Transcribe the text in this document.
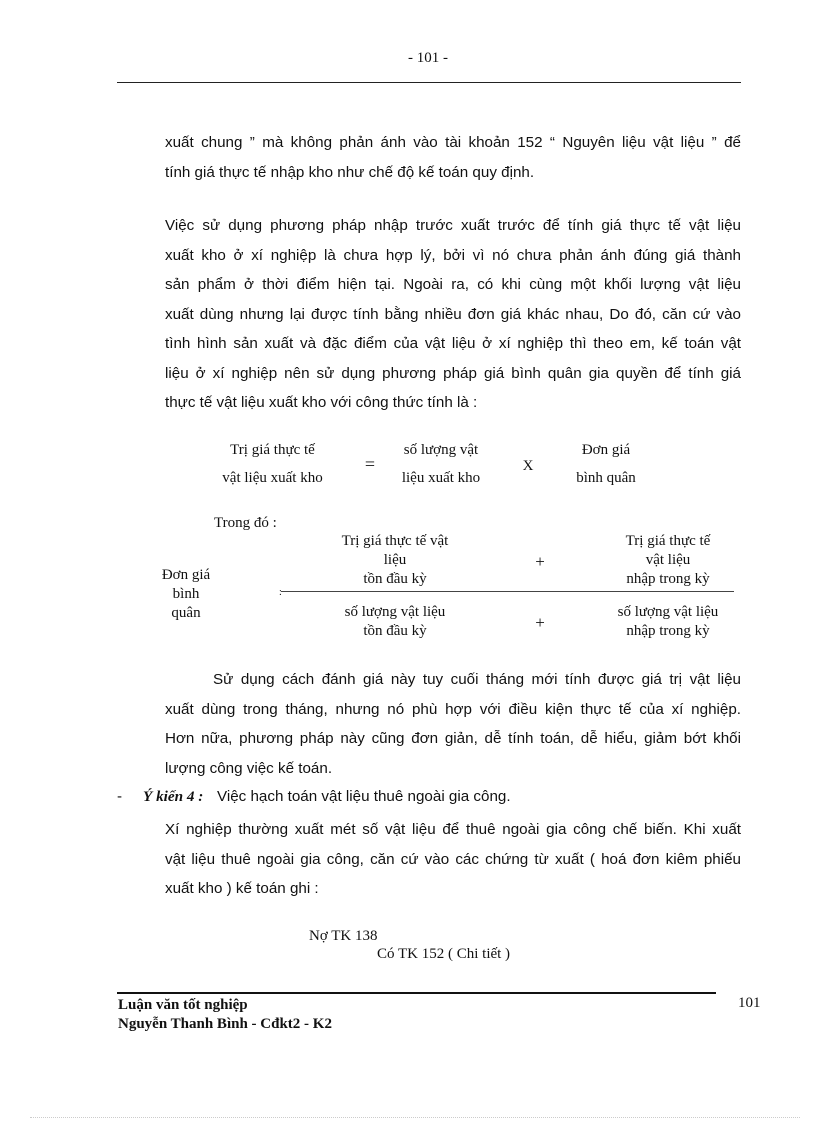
- 101 -
xuất chung ” mà không phản ánh vào tài khoản 152 “ Nguyên liệu vật liệu ” để
tính giá thực tế nhập kho như chế độ kế toán quy định.
Việc sử dụng phương pháp nhập trước xuất trước để tính giá thực tế vật liệu
xuất kho ở xí nghiệp là chưa hợp lý, bởi vì nó chưa phản ánh đúng giá thành
sản phẩm ở thời điểm hiện tại. Ngoài ra, có khi cùng một khối lượng vật liệu
xuất dùng nhưng lại được tính bằng nhiều đơn giá khác nhau, Do đó, căn cứ vào
tình hình sản xuất và đặc điểm của vật liệu ở xí nghiệp thì theo em, kế toán vật
liệu ở xí nghiệp nên sử dụng phương pháp giá bình quân gia quyền để tính giá
thực tế vật liệu xuất kho với công thức tính là :
Trị giá thực tế
vật liệu xuất kho
=
số lượng vật
liệu xuất kho
X
Đơn giá
bình quân
Trong đó :
Đơn giá
bình
quân
:
Trị giá thực tế vật
liệu
tồn đầu kỳ
+
Trị giá thực tế
vật liệu
nhập trong kỳ
số lượng vật liệu
tồn đầu kỳ	+
số lượng vật liệu
nhập trong kỳ
Sử dụng cách đánh giá này tuy cuối tháng mới tính được giá trị vật liệu
xuất dùng trong tháng, nhưng nó phù hợp với điều kiện thực tế của xí nghiệp.
Hơn nữa, phương pháp này cũng đơn giản, dễ tính toán, dễ hiểu, giảm bớt khối
lượng công việc kế toán.
- Ý kiến 4 : Việc hạch toán vật liệu thuê ngoài gia công.
Xí nghiệp thường xuất mét số vật liệu để thuê ngoài gia công chế biến. Khi xuất
vật liệu thuê ngoài gia công, căn cứ vào các chứng từ xuất ( hoá đơn kiêm phiếu
xuất kho ) kế toán ghi :
Nợ TK 138
Có TK 152 ( Chi tiết )
Luận văn tốt nghiệp
Nguyễn Thanh Bình - Cđkt2 - K2
101
